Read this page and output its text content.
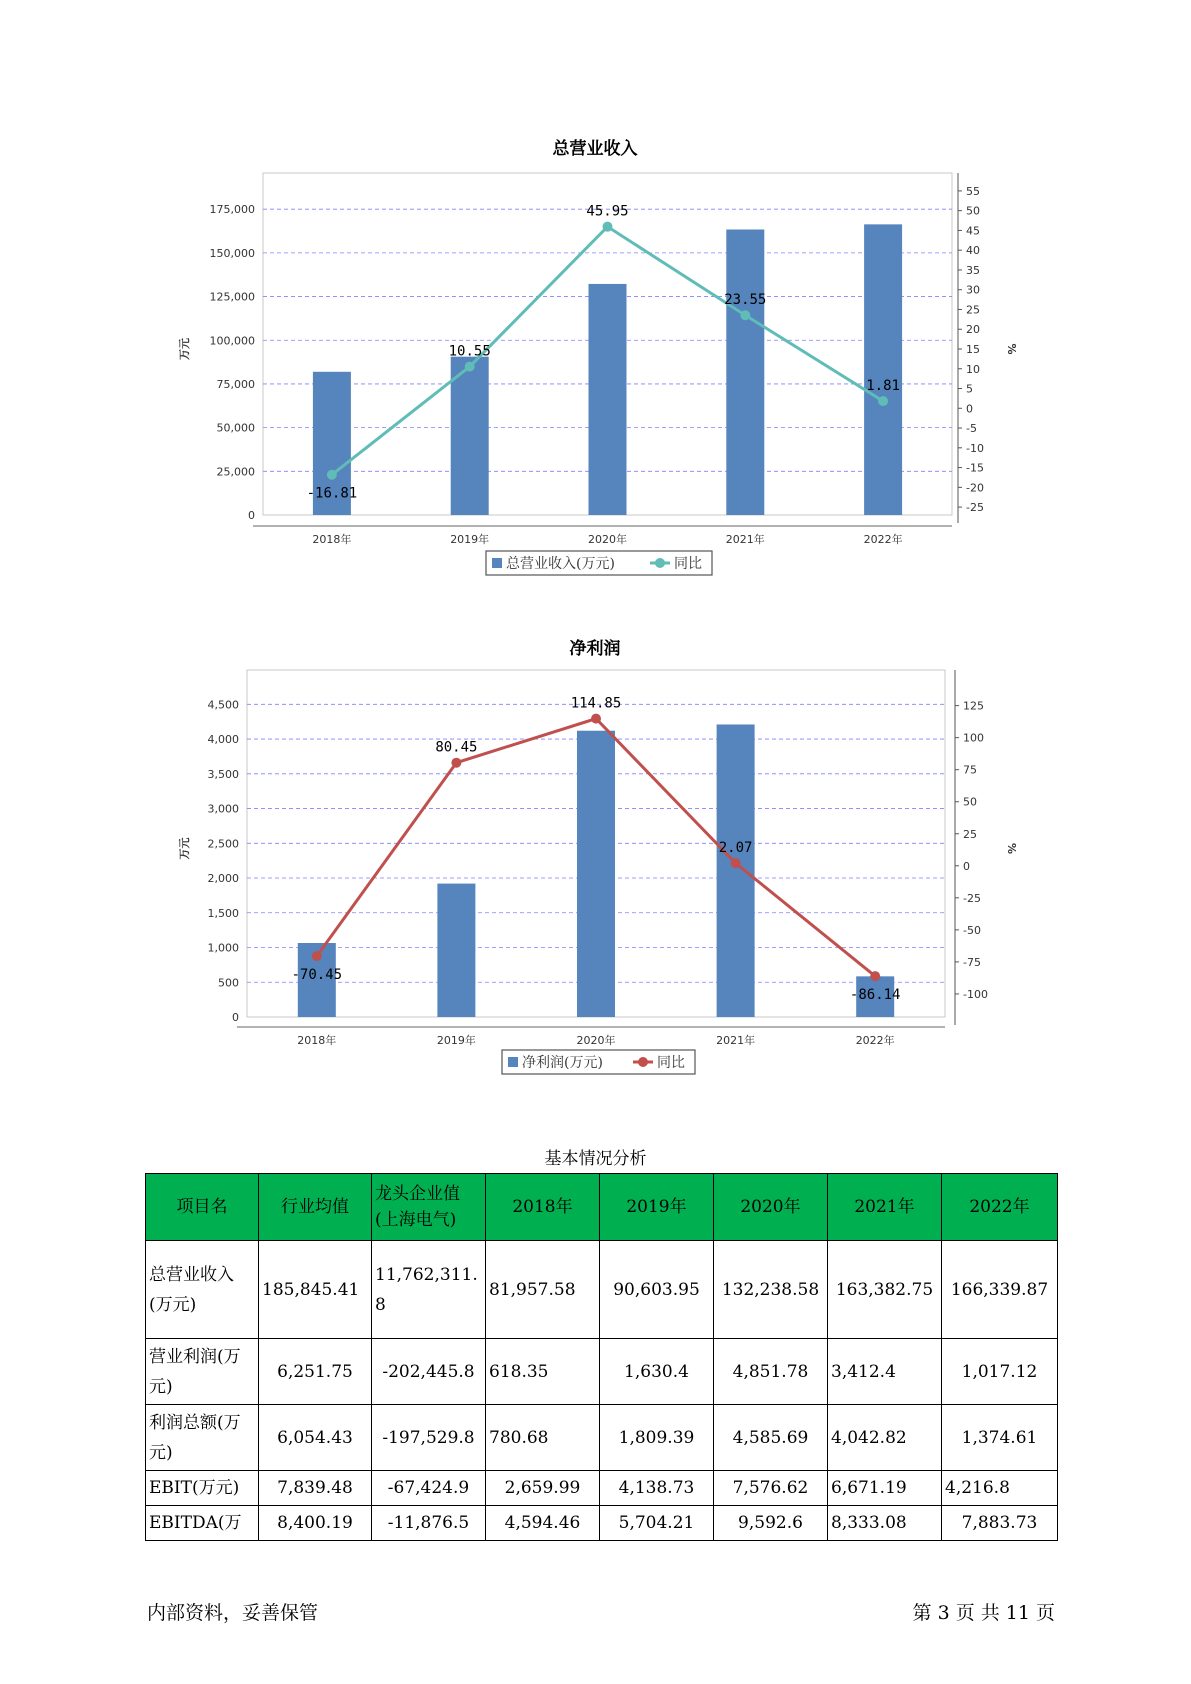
总营业收入
0
25,000
50,000
75,000
100,000
125,000
150,000
175,000
-25
-20
-15
-10
-5
0
5
10
15
20
25
30
35
40
45
50
55
万元	%
2018年	2019年	2020年	2021年	2022年
-16.81
10.55
45.95
23.55
1.81
总营业收入(万元)	同比
净利润
0
500
1,000
1,500
2,000
2,500
3,000
3,500
4,000
4,500
-100
-75
-50
-25
0
25
50
75
100
125
万元	%
2018年	2019年	2020年	2021年	2022年
-70.45
80.45
114.85
2.07
-86.14
净利润(万元)	同比
基本情况分析
项目名	行业均值	龙头企业值(上海电气)	2018年	2019年	2020年	2021年	2022年
总营业收入(万元)	185,845.41	11,762,311.8	81,957.58	90,603.95	132,238.58	163,382.75	166,339.87
营业利润(万元)	6,251.75	-202,445.8	618.35	1,630.4	4,851.78	3,412.4	1,017.12
利润总额(万元)	6,054.43	-197,529.8	780.68	1,809.39	4,585.69	4,042.82	1,374.61
EBIT(万元)	7,839.48	-67,424.9	2,659.99	4,138.73	7,576.62	6,671.19	4,216.8
EBITDA(万	8,400.19	-11,876.5	4,594.46	5,704.21	9,592.6	8,333.08	7,883.73
内部资料，妥善保管	第 3 页 共 11 页
